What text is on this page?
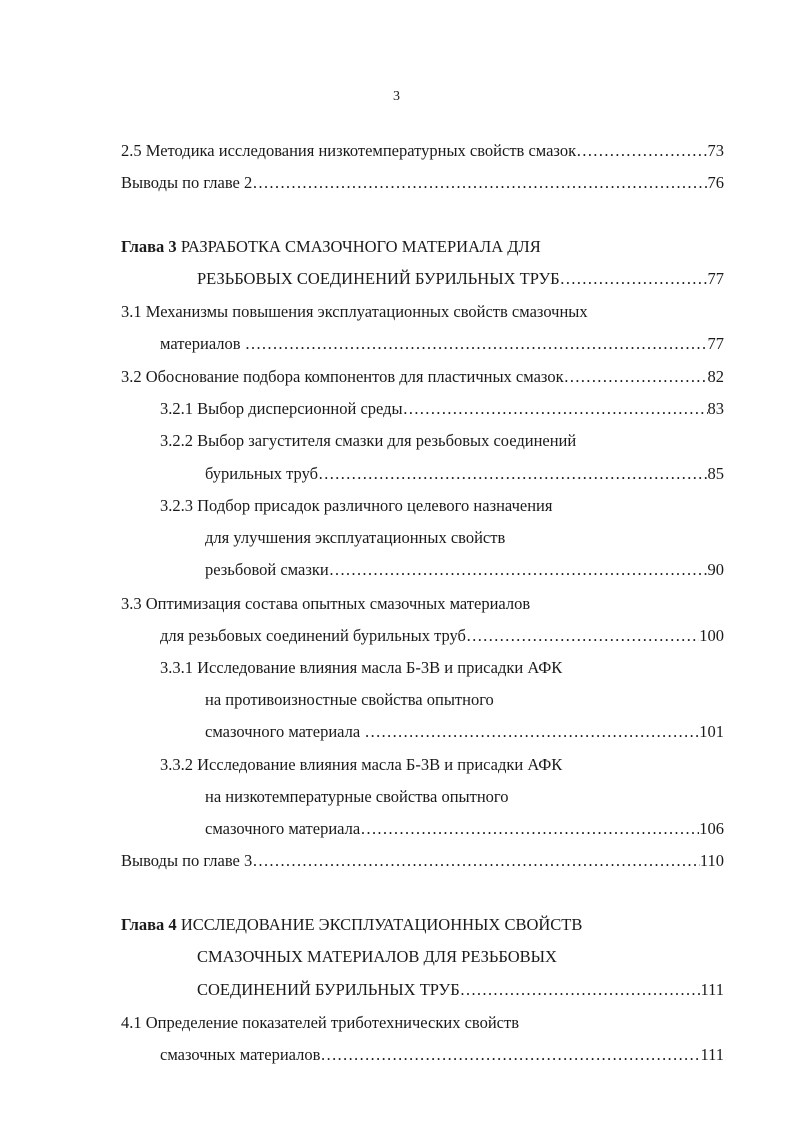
3
2.5 Методика исследования низкотемпературных свойств смазок ……………………………………………………………………………………………………………………………………………………	73
Выводы по главе 2 ……………………………………………………………………………………………………………………………………………………	76
Глава 3 РАЗРАБОТКА СМАЗОЧНОГО МАТЕРИАЛА ДЛЯ
РЕЗЬБОВЫХ СОЕДИНЕНИЙ БУРИЛЬНЫХ ТРУБ ……………………………………………………………………………………………………………………………………………………	77
3.1 Механизмы повышения эксплуатационных свойств смазочных
материалов ……………………………………………………………………………………………………………………………………………………	77
3.2 Обоснование подбора компонентов для пластичных смазок ……………………………………………………………………………………………………………………………………………………	82
3.2.1 Выбор дисперсионной среды ……………………………………………………………………………………………………………………………………………………	83
3.2.2 Выбор загустителя смазки для резьбовых соединений
бурильных труб ……………………………………………………………………………………………………………………………………………………	85
3.2.3 Подбор присадок различного целевого назначения
для улучшения эксплуатационных свойств
резьбовой смазки ……………………………………………………………………………………………………………………………………………………	90
3.3 Оптимизация состава опытных смазочных материалов
для резьбовых соединений бурильных труб ……………………………………………………………………………………………………………………………………………………	100
3.3.1 Исследование влияния масла Б-3В и присадки АФК
на противоизностные свойства опытного
смазочного материала ……………………………………………………………………………………………………………………………………………………	101
3.3.2 Исследование влияния масла Б-3В и присадки АФК
на низкотемпературные свойства опытного
смазочного материала ……………………………………………………………………………………………………………………………………………………	106
Выводы по главе 3 ……………………………………………………………………………………………………………………………………………………	110
Глава 4 ИССЛЕДОВАНИЕ ЭКСПЛУАТАЦИОННЫХ СВОЙСТВ
СМАЗОЧНЫХ МАТЕРИАЛОВ ДЛЯ РЕЗЬБОВЫХ
СОЕДИНЕНИЙ БУРИЛЬНЫХ ТРУБ ……………………………………………………………………………………………………………………………………………………	111
4.1 Определение показателей триботехнических свойств
смазочных материалов ……………………………………………………………………………………………………………………………………………………	111
